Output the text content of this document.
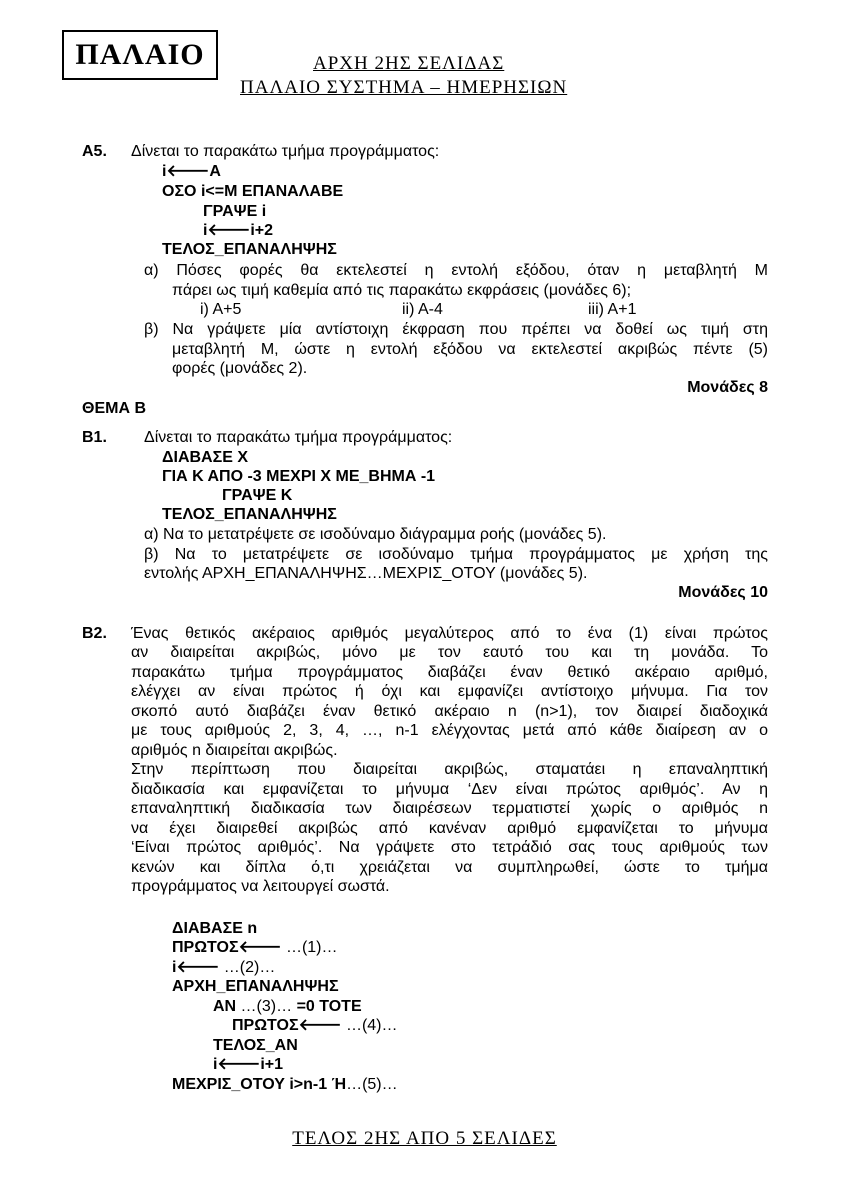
ΠΑΛΑΙΟ	ΑΡΧΗ 2ΗΣ ΣΕΛΙΔΑΣ
ΠΑΛΑΙΟ ΣΥΣΤΗΜΑ – ΗΜΕΡΗΣΙΩΝ
Α5. Δίνεται το παρακάτω τμήμα προγράμματος:
i🡐A
ΟΣΟ i<=M ΕΠΑΝΑΛΑΒΕ
ΓΡΑΨΕ i
i🡐i+2
ΤΕΛΟΣ_ΕΠΑΝΑΛΗΨΗΣ
α) Πόσες φορές θα εκτελεστεί η εντολή εξόδου, όταν η μεταβλητή Μ
πάρει ως τιμή καθεμία από τις παρακάτω εκφράσεις (μονάδες 6);
i) A+5	ii) A-4	iii) A+1
β) Να γράψετε μία αντίστοιχη έκφραση που πρέπει να δοθεί ως τιμή στη
μεταβλητή Μ, ώστε η εντολή εξόδου να εκτελεστεί ακριβώς πέντε (5)
φορές (μονάδες 2).
Μονάδες 8
ΘΕΜΑ Β
Β1. Δίνεται το παρακάτω τμήμα προγράμματος:
ΔΙΑΒΑΣΕ Χ
ΓΙΑ Κ ΑΠΟ -3 ΜΕΧΡΙ Χ ΜΕ_ΒΗΜΑ -1
ΓΡΑΨΕ Κ
ΤΕΛΟΣ_ΕΠΑΝΑΛΗΨΗΣ
α) Να το μετατρέψετε σε ισοδύναμο διάγραμμα ροής (μονάδες 5).
β) Να το μετατρέψετε σε ισοδύναμο τμήμα προγράμματος με χρήση της
εντολής ΑΡΧΗ_ΕΠΑΝΑΛΗΨΗΣ…ΜΕΧΡΙΣ_ΟΤΟΥ (μονάδες 5).
Μονάδες 10
Β2. Ένας θετικός ακέραιος αριθμός μεγαλύτερος από το ένα (1) είναι πρώτος
αν διαιρείται ακριβώς, μόνο με τον εαυτό του και τη μονάδα. Το
παρακάτω τμήμα προγράμματος διαβάζει έναν θετικό ακέραιο αριθμό,
ελέγχει αν είναι πρώτος ή όχι και εμφανίζει αντίστοιχο μήνυμα. Για τον
σκοπό αυτό διαβάζει έναν θετικό ακέραιο n (n>1), τον διαιρεί διαδοχικά
με τους αριθμούς 2, 3, 4, …, n-1 ελέγχοντας μετά από κάθε διαίρεση αν ο
αριθμός n διαιρείται ακριβώς.
Στην περίπτωση που διαιρείται ακριβώς, σταματάει η επαναληπτική
διαδικασία και εμφανίζεται το μήνυμα ‘Δεν είναι πρώτος αριθμός’. Αν η
επαναληπτική διαδικασία των διαιρέσεων τερματιστεί χωρίς ο αριθμός n
να έχει διαιρεθεί ακριβώς από κανέναν αριθμό εμφανίζεται το μήνυμα
‘Είναι πρώτος αριθμός’. Να γράψετε στο τετράδιό σας τους αριθμούς των
κενών και δίπλα ό,τι χρειάζεται να συμπληρωθεί, ώστε το τμήμα
προγράμματος να λειτουργεί σωστά.
ΔΙΑΒΑΣΕ n
ΠΡΩΤΟΣ🡐 …(1)…
i🡐 …(2)…
ΑΡΧΗ_ΕΠΑΝΑΛΗΨΗΣ
ΑΝ …(3)… =0 ΤΟΤΕ
ΠΡΩΤΟΣ🡐 …(4)…
ΤΕΛΟΣ_ΑΝ
i🡐i+1
ΜΕΧΡΙΣ_ΟΤΟΥ i>n-1 Ή…(5)…
ΤΕΛΟΣ 2ΗΣ ΑΠΟ 5 ΣΕΛΙΔΕΣ
